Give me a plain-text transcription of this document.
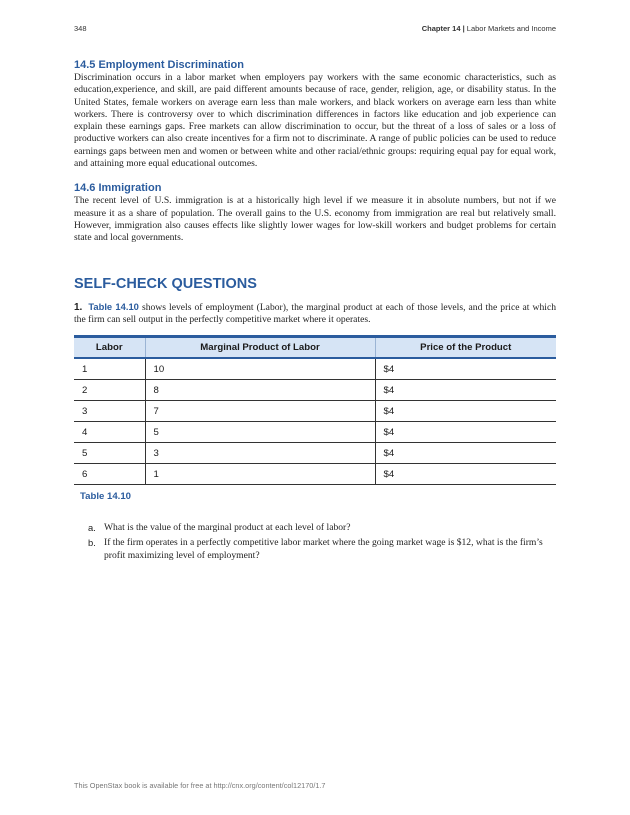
348	Chapter 14 | Labor Markets and Income
14.5 Employment Discrimination

Discrimination occurs in a labor market when employers pay workers with the same economic characteristics, such as education,experience, and skill, are paid different amounts because of race, gender, religion, age, or disability status. In the United States, female workers on average earn less than male workers, and black workers on average earn less than white workers. There is controversy over to which discrimination differences in factors like education and job experience can explain these earnings gaps. Free markets can allow discrimination to occur, but the threat of a loss of sales or a loss of productive workers can also create incentives for a firm not to discriminate. A range of public policies can be used to reduce earnings gaps between men and women or between white and other racial/ethnic groups: requiring equal pay for equal work, and attaining more equal educational outcomes.

14.6 Immigration

The recent level of U.S. immigration is at a historically high level if we measure it in absolute numbers, but not if we measure it as a share of population. The overall gains to the U.S. economy from immigration are real but relatively small. However, immigration also causes effects like slightly lower wages for low-skill workers and budget problems for certain state and local governments.

SELF-CHECK QUESTIONS
1. Table 14.10 shows levels of employment (Labor), the marginal product at each of those levels, and the price at which the firm can sell output in the perfectly competitive market where it operates.
Labor	Marginal Product of Labor	Price of the Product
1	10	$4
2	8	$4
3	7	$4
4	5	$4
5	3	$4
6	1	$4
Table 14.10
a. What is the value of the marginal product at each level of labor?
b. If the firm operates in a perfectly competitive labor market where the going market wage is $12, what is the firm’s profit maximizing level of employment?
This OpenStax book is available for free at http://cnx.org/content/col12170/1.7
